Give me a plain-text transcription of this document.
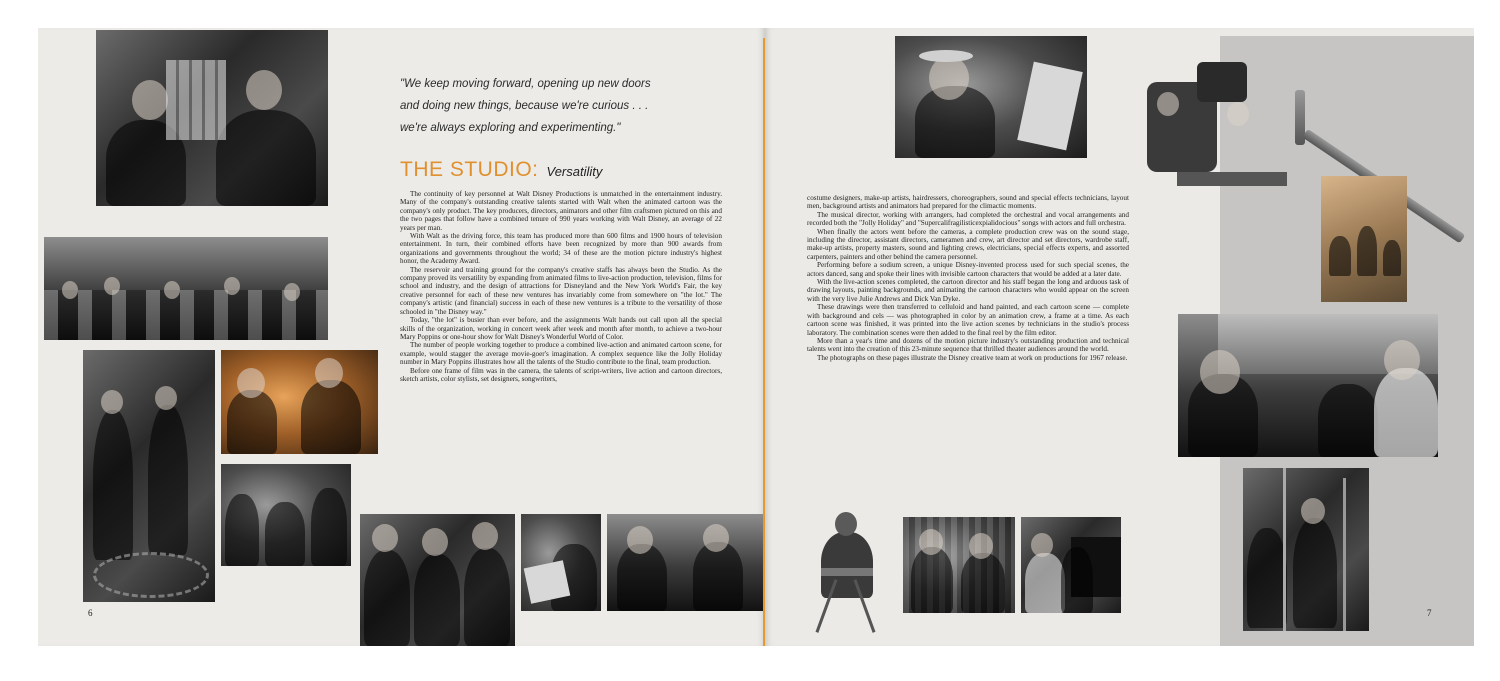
"We keep moving forward, opening up new doors
and doing new things, because we're curious . . .
we're always exploring and experimenting."
THE STUDIO: Versatility

The continuity of key personnel at Walt Disney Productions is unmatched in the entertainment industry. Many of the company's outstanding creative talents started with Walt when the animated cartoon was the company's only product. The key producers, directors, animators and other film craftsmen pictured on this and the two pages that follow have a combined tenure of 990 years working with Walt Disney, an average of 22 years per man.

With Walt as the driving force, this team has produced more than 600 films and 1900 hours of television entertainment. In turn, their combined efforts have been recognized by more than 900 awards from organizations and governments throughout the world; 34 of these are the motion picture industry's highest honor, the Academy Award.

The reservoir and training ground for the company's creative staffs has always been the Studio. As the company proved its versatility by expanding from animated films to live-action production, television, films for school and industry, and the design of attractions for Disneyland and the New York World's Fair, the key creative personnel for each of these new ventures has invariably come from somewhere on "the lot." The company's artistic (and financial) success in each of these new ventures is a tribute to the versatility of those schooled in "the Disney way."

Today, "the lot" is busier than ever before, and the assignments Walt hands out call upon all the special skills of the organization, working in concert week after week and month after month, to achieve a two-hour Mary Poppins or one-hour show for Walt Disney's Wonderful World of Color.

The number of people working together to produce a combined live-action and animated cartoon scene, for example, would stagger the average movie-goer's imagination. A complex sequence like the Jolly Holiday number in Mary Poppins illustrates how all the talents of the Studio contribute to the final, team production.

Before one frame of film was in the camera, the talents of script-writers, live action and cartoon directors, sketch artists, color stylists, set designers, songwriters,

6

costume designers, make-up artists, hairdressers, choreographers, sound and special effects technicians, layout men, background artists and animators had prepared for the climactic moments.

The musical director, working with arrangers, had completed the orchestral and vocal arrangements and recorded both the "Jolly Holiday" and "Supercalifragilisticexpialidocious" songs with actors and full orchestra.

When finally the actors went before the cameras, a complete production crew was on the sound stage, including the director, assistant directors, cameramen and crew, art director and set directors, wardrobe staff, make-up artists, property masters, sound and lighting crews, electricians, special effects experts, and assorted carpenters, painters and other behind the camera personnel.

Performing before a sodium screen, a unique Disney-invented process used for such special scenes, the actors danced, sang and spoke their lines with invisible cartoon characters that would be added at a later date.

With the live-action scenes completed, the cartoon director and his staff began the long and arduous task of drawing layouts, painting backgrounds, and animating the cartoon characters who would appear on the screen with the very live Julie Andrews and Dick Van Dyke.

These drawings were then transferred to celluloid and hand painted, and each cartoon scene — complete with background and cels — was photographed in color by an animation crew, a frame at a time. As each cartoon scene was finished, it was printed into the live action scenes by technicians in the studio's process laboratory. The combination scenes were then added to the final reel by the film editor.

More than a year's time and dozens of the motion picture industry's outstanding production and technical talents went into the creation of this 23-minute sequence that thrilled theater audiences around the world.

The photographs on these pages illustrate the Disney creative team at work on productions for 1967 release.

7
